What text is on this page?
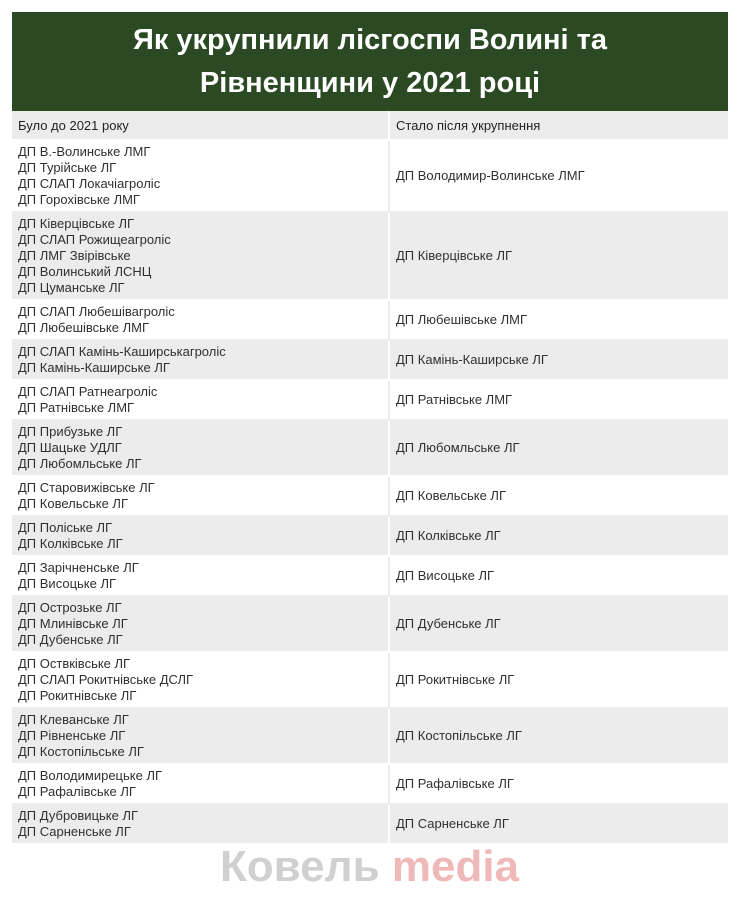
Як укрупнили лісгоспи Волині та Рівненщини у 2021 році
Було до 2021 року	Стало після укрупнення

ДП В.-Волинське ЛМГ
ДП Турійське ЛГ
ДП СЛАП Локачіагроліс
ДП Горохівське ЛМГ	ДП Володимир-Волинське ЛМГ

ДП Ківерцівське ЛГ
ДП СЛАП Рожищеагроліс
ДП ЛМГ Звірівське
ДП Волинський ЛСНЦ
ДП Цуманське ЛГ	ДП Ківерцівське ЛГ

ДП СЛАП Любешівагроліс
ДП Любешівське ЛМГ	ДП Любешівське ЛМГ

ДП СЛАП Камінь-Каширськагроліс
ДП Камінь-Каширське ЛГ	ДП Камінь-Каширське ЛГ

ДП СЛАП Ратнеагроліс
ДП Ратнівське ЛМГ	ДП Ратнівське ЛМГ

ДП Прибузьке ЛГ
ДП Шацьке УДЛГ
ДП Любомльське ЛГ	ДП Любомльське ЛГ

ДП Старовижівське ЛГ
ДП Ковельське ЛГ	ДП Ковельське ЛГ

ДП Поліське ЛГ
ДП Колківське ЛГ	ДП Колківське ЛГ

ДП Зарічненське ЛГ
ДП Висоцьке ЛГ	ДП Висоцьке ЛГ

ДП Острозьке ЛГ
ДП Млинівське ЛГ
ДП Дубенське ЛГ	ДП Дубенське ЛГ

ДП Оствківське ЛГ
ДП СЛАП Рокитнівське ДСЛГ
ДП Рокитнівське ЛГ	ДП Рокитнівське ЛГ

ДП Клеванське ЛГ
ДП Рівненське ЛГ
ДП Костопільське ЛГ	ДП Костопільське ЛГ

ДП Володимирецьке ЛГ
ДП Рафалівське ЛГ	ДП Рафалівське ЛГ

ДП Дубровицьке ЛГ
ДП Сарненське ЛГ	ДП Сарненське ЛГ
Ковель media
